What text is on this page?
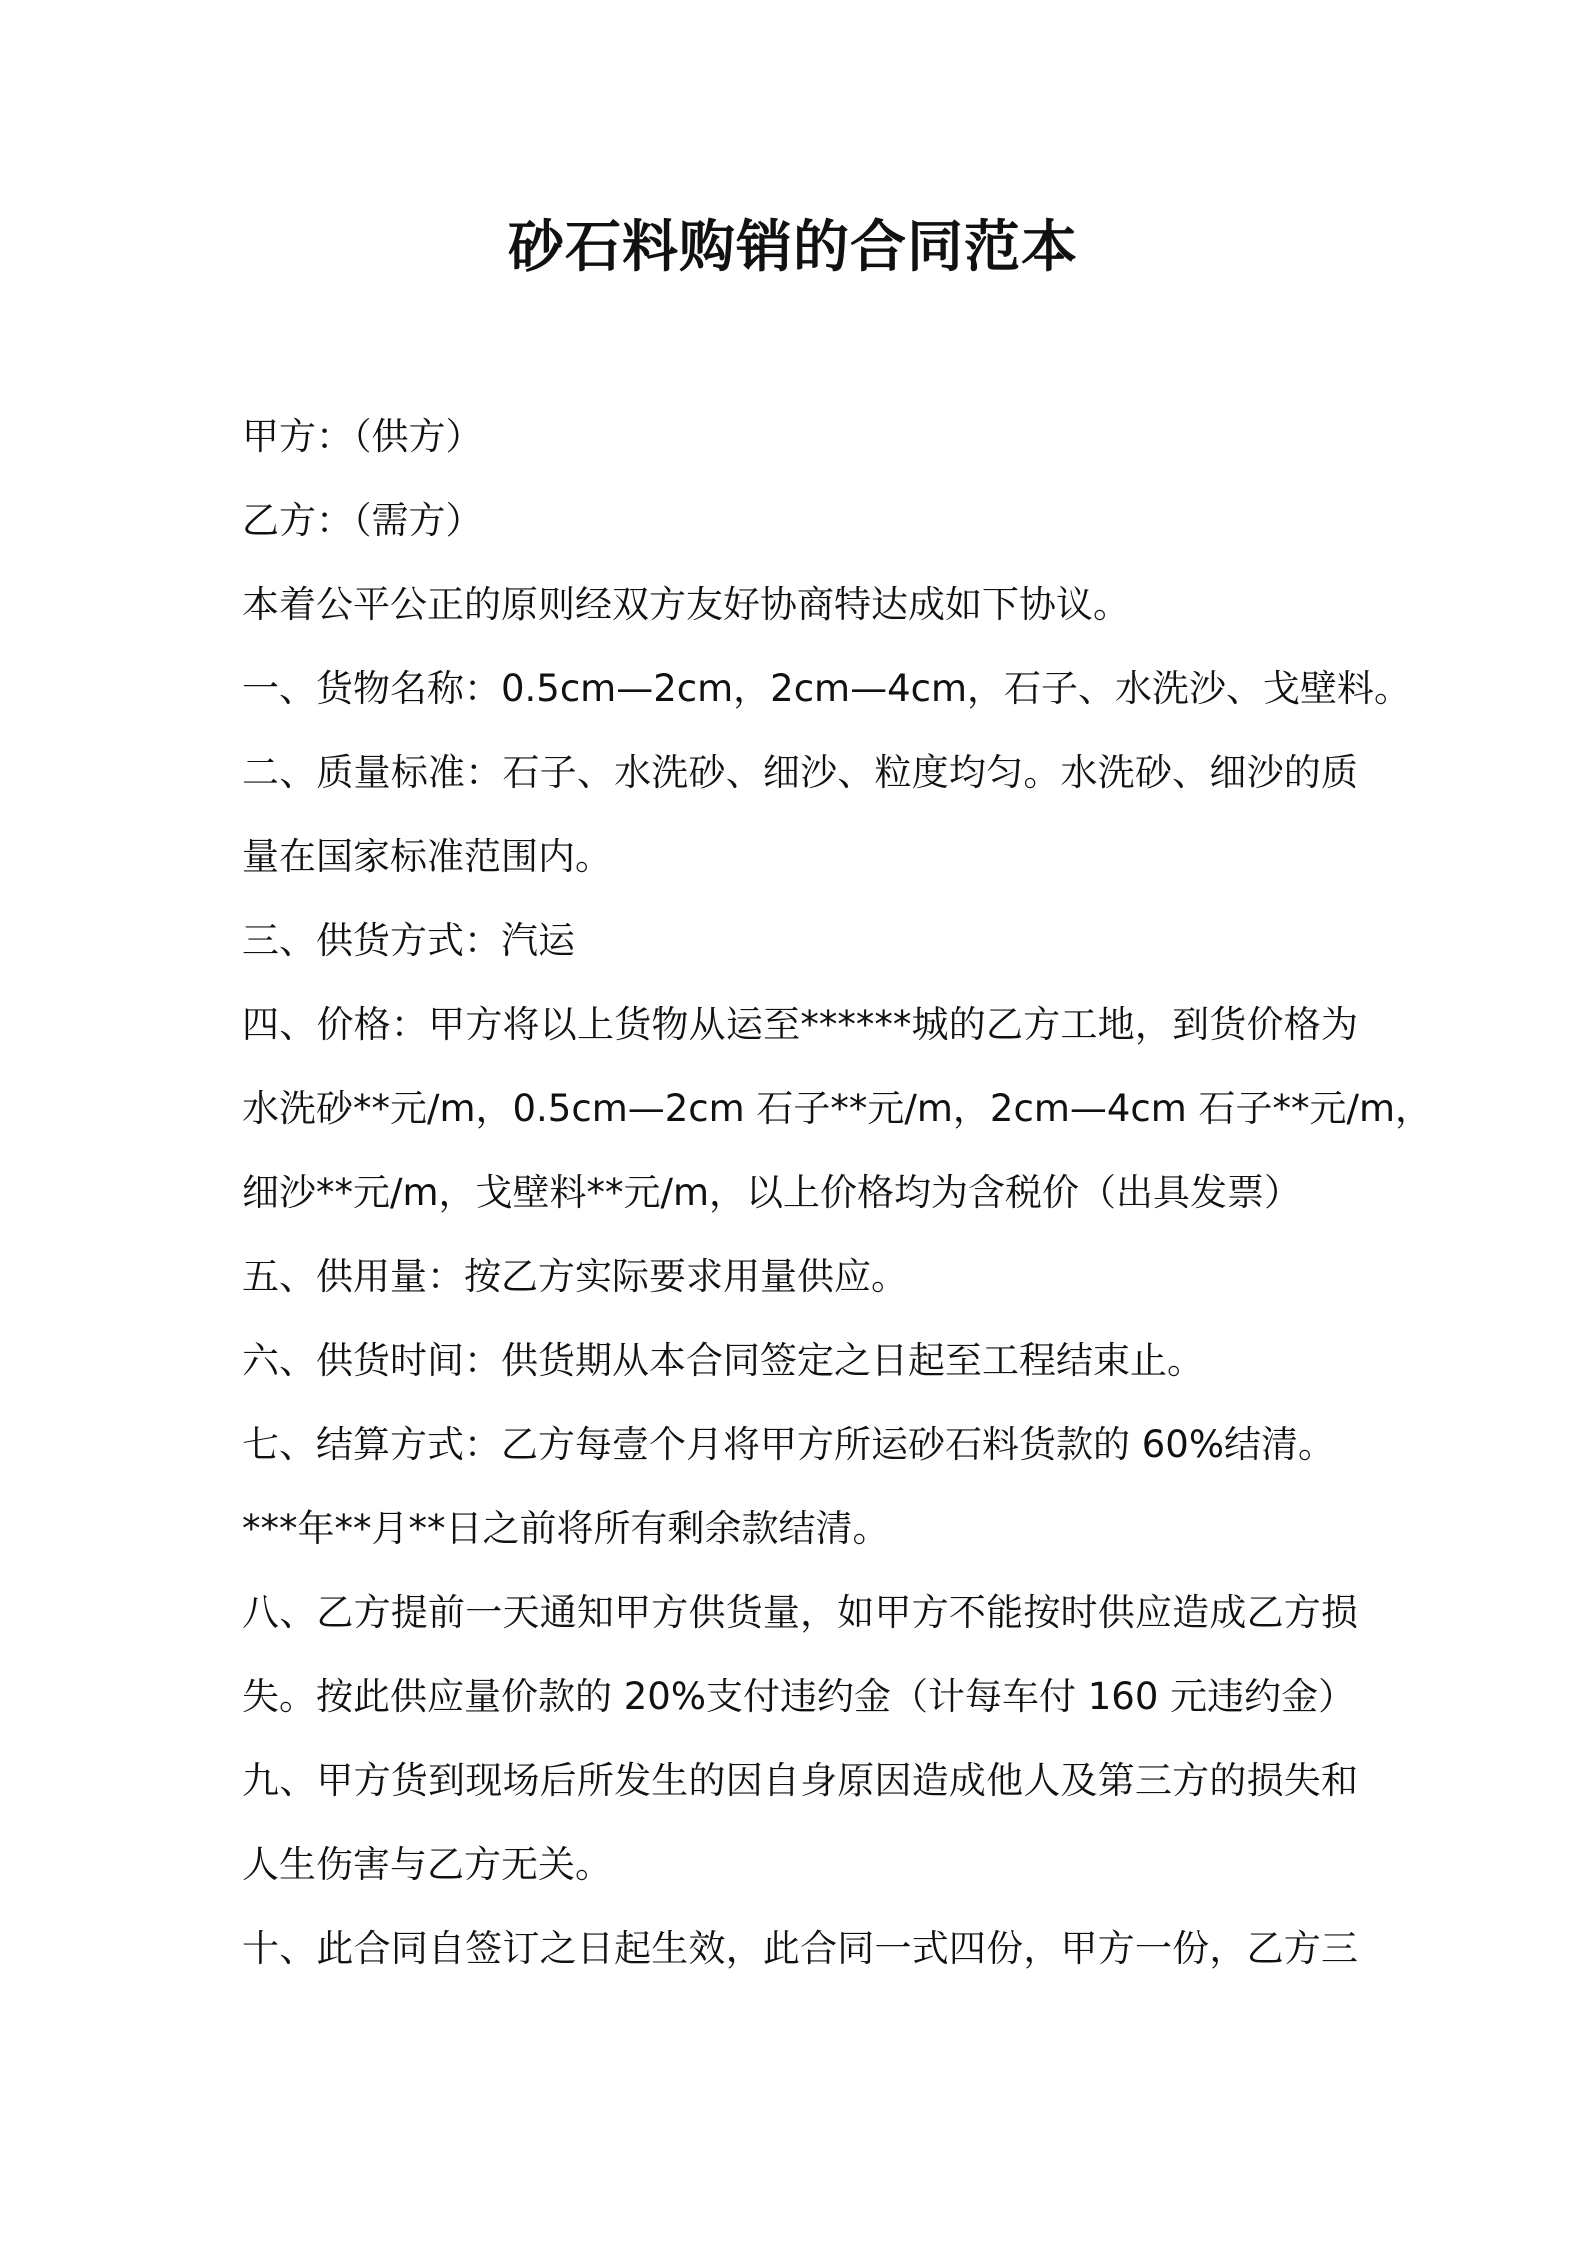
砂石料购销的合同范本
甲方：（供方）
乙方：（需方）
本着公平公正的原则经双方友好协商特达成如下协议。
一、货物名称：0.5cm—2cm，2cm—4cm，石子、水洗沙、戈壁料。
二、质量标准：石子、水洗砂、细沙、粒度均匀。水洗砂、细沙的质
量在国家标准范围内。
三、供货方式：汽运
四、价格：甲方将以上货物从运至******城的乙方工地，到货价格为
水洗砂**元/m，0.5cm—2cm 石子**元/m，2cm—4cm 石子**元/m，
细沙**元/m，戈壁料**元/m，以上价格均为含税价（出具发票）
五、供用量：按乙方实际要求用量供应。
六、供货时间：供货期从本合同签定之日起至工程结束止。
七、结算方式：乙方每壹个月将甲方所运砂石料货款的 60%结清。
***年**月**日之前将所有剩余款结清。
八、乙方提前一天通知甲方供货量，如甲方不能按时供应造成乙方损
失。按此供应量价款的 20%支付违约金（计每车付 160 元违约金）
九、甲方货到现场后所发生的因自身原因造成他人及第三方的损失和
人生伤害与乙方无关。
十、此合同自签订之日起生效，此合同一式四份，甲方一份，乙方三
